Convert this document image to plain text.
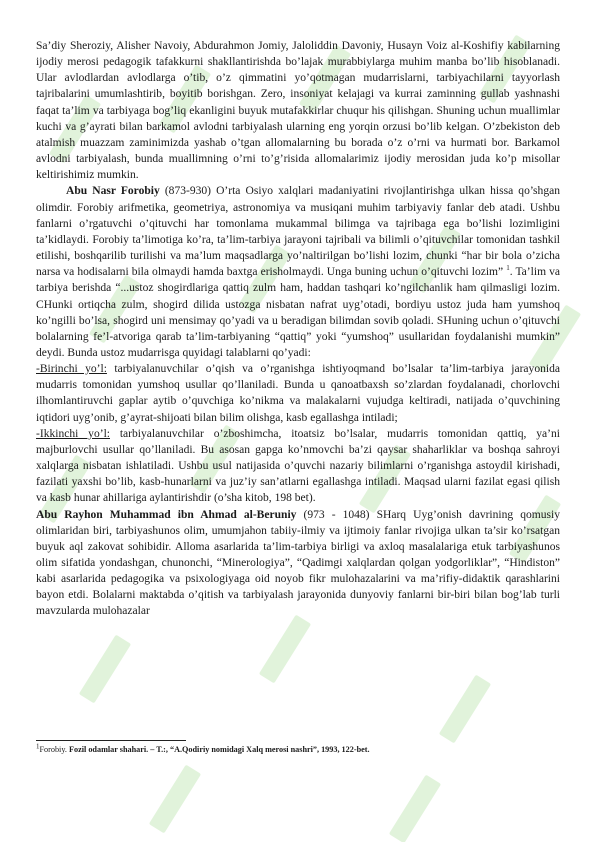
Sa’diy Sheroziy, Alisher Navoiy, Abdurahmon Jomiy, Jaloliddin Davoniy, Husayn Voiz al-Koshifiy kabilarning ijodiy merosi pedagogik tafakkurni shakllantirishda bo’lajak murabbiylarga muhim manba bo’lib hisoblanadi. Ular avlodlardan avlodlarga o’tib, o’z qimmatini yo’qotmagan mudarrislarni, tarbiyachilarni tayyorlash tajribalarini umumlashtirib, boyitib borishgan. Zero, insoniyat kelajagi va kurrai zaminning gullab yashnashi faqat ta’lim va tarbiyaga bog’liq ekanligini buyuk mutafakkirlar chuqur his qilishgan. Shuning uchun muallimlar kuchi va g’ayrati bilan barkamol avlodni tarbiyalash ularning eng yorqin orzusi bo’lib kelgan. O’zbekiston deb atalmish muazzam zaminimizda yashab o’tgan allomalarning bu borada o’z o’rni va hurmati bor. Barkamol avlodni tarbiyalash, bunda muallimning o’rni to’g’risida allomalarimiz ijodiy merosidan juda ko’p misollar keltirishimiz mumkin.

Abu Nasr Forobiy (873-930) O’rta Osiyo xalqlari madaniyatini rivojlantirishga ulkan hissa qo’shgan olimdir. Forobiy arifmetika, geometriya, astronomiya va musiqani muhim tarbiyaviy fanlar deb atadi. Ushbu fanlarni o’rgatuvchi o’qituvchi har tomonlama mukammal bilimga va tajribaga ega bo’lishi lozimligini ta’kidlaydi. Forobiy ta’limotiga ko’ra, ta’lim-tarbiya jarayoni tajribali va bilimli o’qituvchilar tomonidan tashkil etilishi, boshqarilib turilishi va ma’lum maqsadlarga yo’naltirilgan bo’lishi lozim, chunki “har bir bola o’zicha narsa va hodisalarni bila olmaydi hamda baxtga erisholmaydi. Unga buning uchun o’qituvchi lozim” $^1$. Ta’lim va tarbiya berishda “...ustoz shogirdlariga qattiq zulm ham, haddan tashqari ko’ngilchanlik ham qilmasligi lozim. CHunki ortiqcha zulm, shogird dilida ustozga nisbatan nafrat uyg’otadi, bordiyu ustoz juda ham yumshoq ko’ngilli bo’lsa, shogird uni mensimay qo’yadi va u beradigan bilimdan sovib qoladi. SHuning uchun o’qituvchi bolalarning fe’l-atvoriga qarab ta’lim-tarbiyaning “qattiq” yoki “yumshoq” usullaridan foydalanishi mumkin” deydi. Bunda ustoz mudarrisga quyidagi talablarni qo’yadi:

-Birinchi yo’l: tarbiyalanuvchilar o’qish va o’rganishga ishtiyoqmand bo’lsalar ta’lim-tarbiya jarayonida mudarris tomonidan yumshoq usullar qo’llaniladi. Bunda u qanoatbaxsh so’zlardan foydalanadi, chorlovchi ilhomlantiruvchi gaplar aytib o’quvchiga ko’nikma va malakalarni vujudga keltiradi, natijada o’quvchining iqtidori uyg’onib, g’ayrat-shijoati bilan bilim olishga, kasb egallashga intiladi;

-Ikkinchi yo’l: tarbiyalanuvchilar o’zboshimcha, itoatsiz bo’lsalar, mudarris tomonidan qattiq, ya’ni majburlovchi usullar qo’llaniladi. Bu asosan gapga ko’nmovchi ba’zi qaysar shaharliklar va boshqa sahroyi xalqlarga nisbatan ishlatiladi. Ushbu usul natijasida o’quvchi nazariy bilimlarni o’rganishga astoydil kirishadi, fazilati yaxshi bo’lib, kasb-hunarlarni va juz’iy san’atlarni egallashga intiladi. Maqsad ularni fazilat egasi qilish va kasb hunar ahillariga aylantirishdir (o’sha kitob, 198 bet).

Abu Rayhon Muhammad ibn Ahmad al-Beruniy (973 - 1048) SHarq Uyg’onish davrining qomusiy olimlaridan biri, tarbiyashunos olim, umumjahon tabiiy-ilmiy va ijtimoiy fanlar rivojiga ulkan ta’sir ko’rsatgan buyuk aql zakovat sohibidir. Alloma asarlarida ta’lim-tarbiya birligi va axloq masalalariga etuk tarbiyashunos olim sifatida yondashgan, chunonchi, “Minerologiya”, “Qadimgi xalqlardan qolgan yodgorliklar”, “Hindiston” kabi asarlarida pedagogika va psixologiyaga oid noyob fikr mulohazalarini va ma’rifiy-didaktik qarashlarini bayon etdi. Bolalarni maktabda o’qitish va tarbiyalash jarayonida dunyoviy fanlarni bir-biri bilan bog’lab turli mavzularda mulohazalar

$^1$Forobiy. Fozil odamlar shahari. – T.:, “A.Qodiriy nomidagi Xalq merosi nashri”, 1993, 122-bet.
